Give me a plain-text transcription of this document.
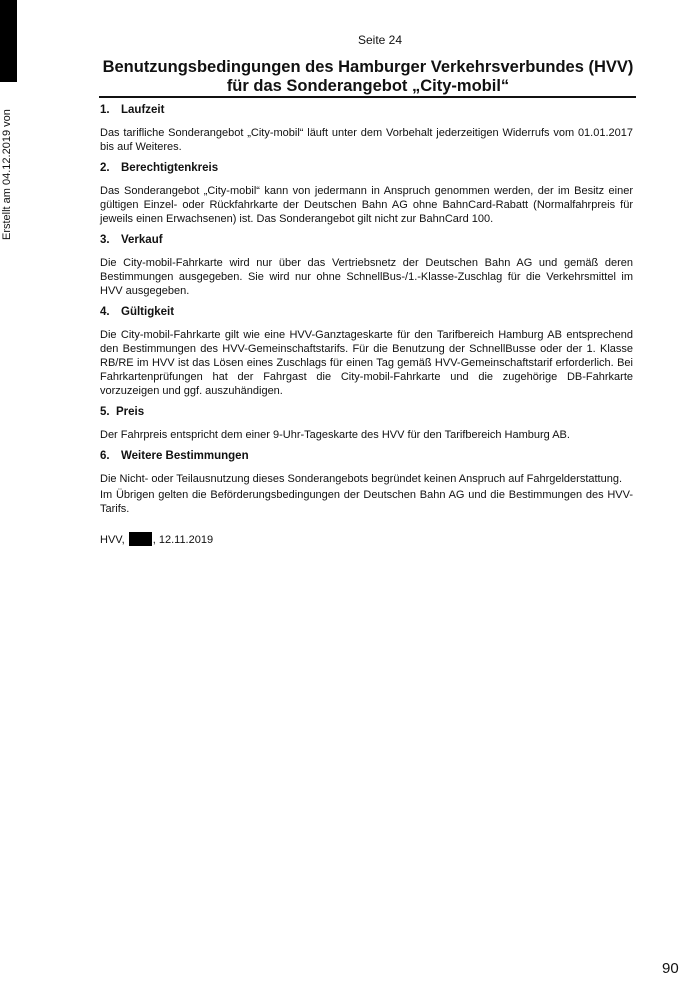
Erstellt am 04.12.2019 von
Seite 24
Benutzungsbedingungen des Hamburger Verkehrsverbundes (HVV)
für das Sonderangebot „City-mobil“
1. Laufzeit
Das tarifliche Sonderangebot „City-mobil“ läuft unter dem Vorbehalt jederzeitigen Widerrufs vom 01.01.2017 bis auf Weiteres.
2. Berechtigtenkreis
Das Sonderangebot „City-mobil“ kann von jedermann in Anspruch genommen werden, der im Besitz einer gültigen Einzel- oder Rückfahrkarte der Deutschen Bahn AG ohne BahnCard-Rabatt (Normalfahrpreis für jeweils einen Erwachsenen) ist. Das Sonderangebot gilt nicht zur BahnCard 100.
3. Verkauf
Die City-mobil-Fahrkarte wird nur über das Vertriebsnetz der Deutschen Bahn AG und gemäß deren Bestimmungen ausgegeben. Sie wird nur ohne SchnellBus-/1.-Klasse-Zuschlag für die Verkehrsmittel im HVV ausgegeben.
4. Gültigkeit
Die City-mobil-Fahrkarte gilt wie eine HVV-Ganztageskarte für den Tarifbereich Hamburg AB entsprechend den Bestimmungen des HVV-Gemeinschaftstarifs. Für die Benutzung der SchnellBusse oder der 1. Klasse RB/RE im HVV ist das Lösen eines Zuschlags für einen Tag gemäß HVV-Gemeinschaftstarif erforderlich. Bei Fahrkartenprüfungen hat der Fahrgast die City-mobil-Fahrkarte und die zugehörige DB-Fahrkarte vorzuzeigen und ggf. auszuhändigen.
5. Preis
Der Fahrpreis entspricht dem einer 9-Uhr-Tageskarte des HVV für den Tarifbereich Hamburg AB.
6. Weitere Bestimmungen
Die Nicht- oder Teilausnutzung dieses Sonderangebots begründet keinen Anspruch auf Fahrgelderstattung.
Im Übrigen gelten die Beförderungsbedingungen der Deutschen Bahn AG und die Bestimmungen des HVV-Tarifs.
HVV,	, 12.11.2019
90
